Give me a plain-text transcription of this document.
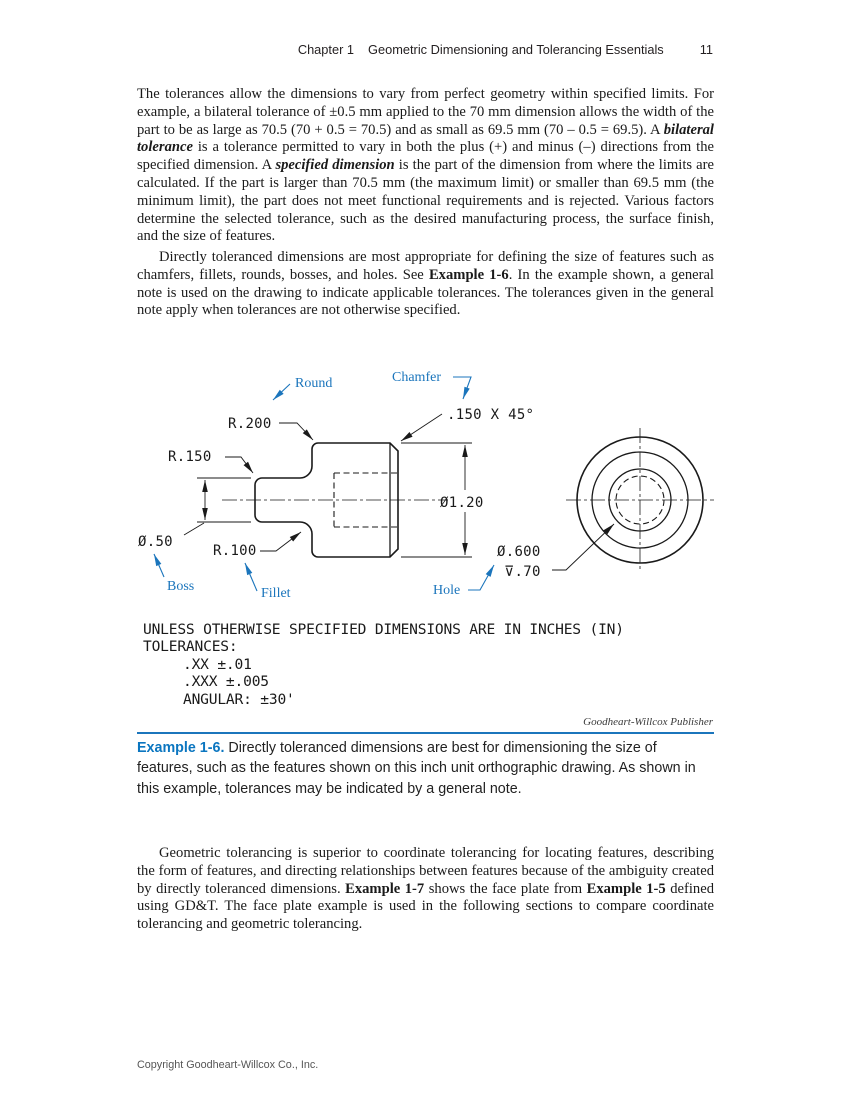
Chapter 1 Geometric Dimensioning and Tolerancing Essentials	11

The tolerances allow the dimensions to vary from perfect geometry within specified limits. For example, a bilateral tolerance of ±0.5 mm applied to the 70 mm dimension allows the width of the part to be as large as 70.5 (70 + 0.5 = 70.5) and as small as 69.5 mm (70 – 0.5 = 69.5). A bilateral tolerance is a tolerance permitted to vary in both the plus (+) and minus (–) directions from the specified dimension. A specified dimension is the part of the dimension from where the limits are calculated. If the part is larger than 70.5 mm (the maximum limit) or smaller than 69.5 mm (the minimum limit), the part does not meet functional requirements and is rejected. Various factors determine the selected tolerance, such as the desired manufacturing process, the surface finish, and the size of features.

Directly toleranced dimensions are most appropriate for defining the size of features such as chamfers, fillets, rounds, bosses, and holes. See Example 1-6. In the example shown, a general note is used on the drawing to indicate applicable tolerances. The tolerances given in the general note apply when tolerances are not otherwise specified.

Ø1.20
Ø.50
R.200
R.150
R.100
.150 X 45°
Ø.600
⊽.70
Round	Chamfer
Boss	Fillet	Hole
UNLESS OTHERWISE SPECIFIED DIMENSIONS ARE IN INCHES (IN)
TOLERANCES:
.XX ±.01
.XXX ±.005
ANGULAR: ±30'
Goodheart-Willcox Publisher
Example 1-6. Directly toleranced dimensions are best for dimensioning the size of features, such as the features shown on this inch unit orthographic drawing. As shown in this example, tolerances may be indicated by a general note.

Geometric tolerancing is superior to coordinate tolerancing for locating features, describing the form of features, and directing relationships between features because of the ambiguity created by directly toleranced dimensions. Example 1-7 shows the face plate from Example 1-5 defined using GD&T. The face plate example is used in the following sections to compare coordinate tolerancing and geometric tolerancing.

Copyright Goodheart-Willcox Co., Inc.
